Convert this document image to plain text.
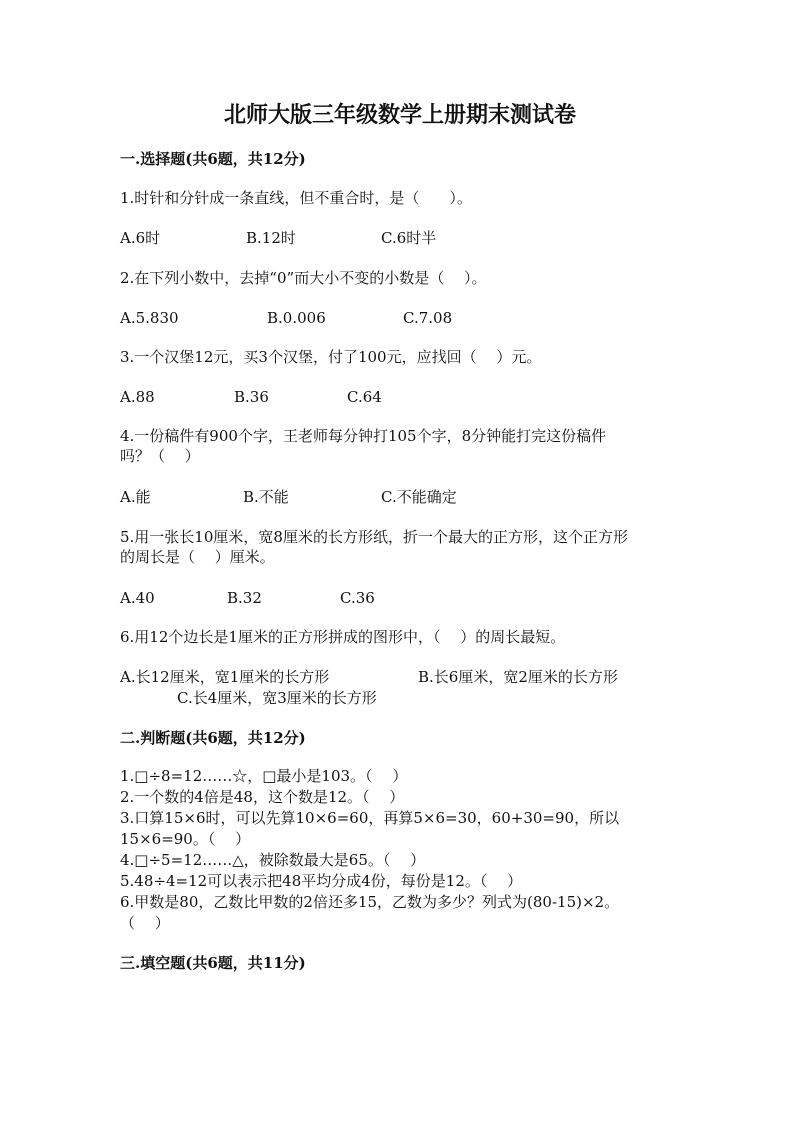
北师大版三年级数学上册期末测试卷
一.选择题(共6题，共12分)
1.时针和分针成一条直线，但不重合时，是（　　）。
A.6时	B.12时	C.6时半
2.在下列小数中，去掉“0”而大小不变的小数是（　 ）。
A.5.830	B.0.006	C.7.08
3.一个汉堡12元，买3个汉堡，付了100元，应找回（　 ）元。
A.88	B.36	C.64
4.一份稿件有900个字，王老师每分钟打105个字，8分钟能打完这份稿件
吗？（　 ）
A.能	B.不能	C.不能确定
5.用一张长10厘米，宽8厘米的长方形纸，折一个最大的正方形，这个正方形
的周长是（　 ）厘米。
A.40	B.32	C.36
6.用12个边长是1厘米的正方形拼成的图形中，（　 ）的周长最短。
A.长12厘米，宽1厘米的长方形	B.长6厘米，宽2厘米的长方形
C.长4厘米，宽3厘米的长方形
二.判断题(共6题，共12分)
1.□÷8=12……☆，□最小是103。（　 ）
2.一个数的4倍是48，这个数是12。（　 ）
3.口算15×6时，可以先算10×6=60，再算5×6=30，60+30=90，所以
15×6=90。（　 ）
4.□÷5=12……△，被除数最大是65。（　 ）
5.48÷4=12可以表示把48平均分成4份，每份是12。（　 ）
6.甲数是80，乙数比甲数的2倍还多15，乙数为多少？列式为(80-15)×2。
（　 ）
三.填空题(共6题，共11分)
